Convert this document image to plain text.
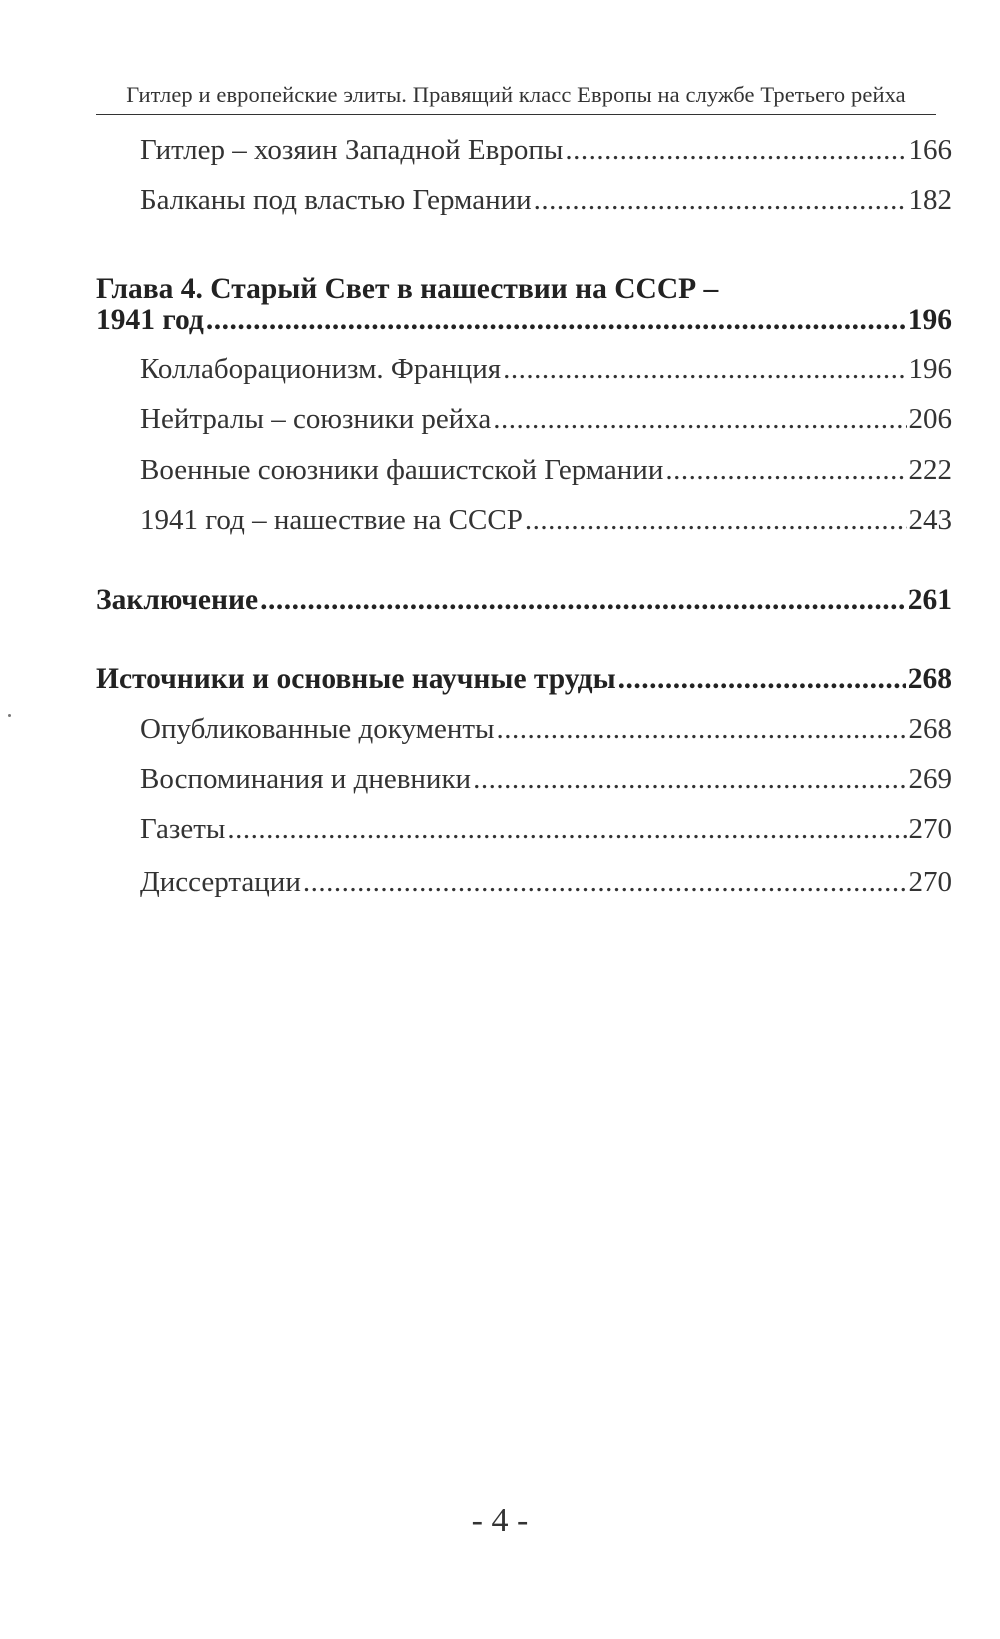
Гитлер и европейские элиты. Правящий класс Европы на службе Третьего рейха
Гитлер – хозяин Западной Европы .....	166
Балканы под властью Германии .....	182
Глава 4. Старый Свет в нашествии на СССР –
1941 год .....	196
Коллаборационизм. Франция .....	196
Нейтралы – союзники рейха .....	206
Военные союзники фашистской Германии .....	222
1941 год – нашествие на СССР .....	243
Заключение .....	261
Источники и основные научные труды .....	268
Опубликованные документы .....	268
Воспоминания и дневники .....	269
Газеты .....	270
Диссертации .....	270
- 4 -
